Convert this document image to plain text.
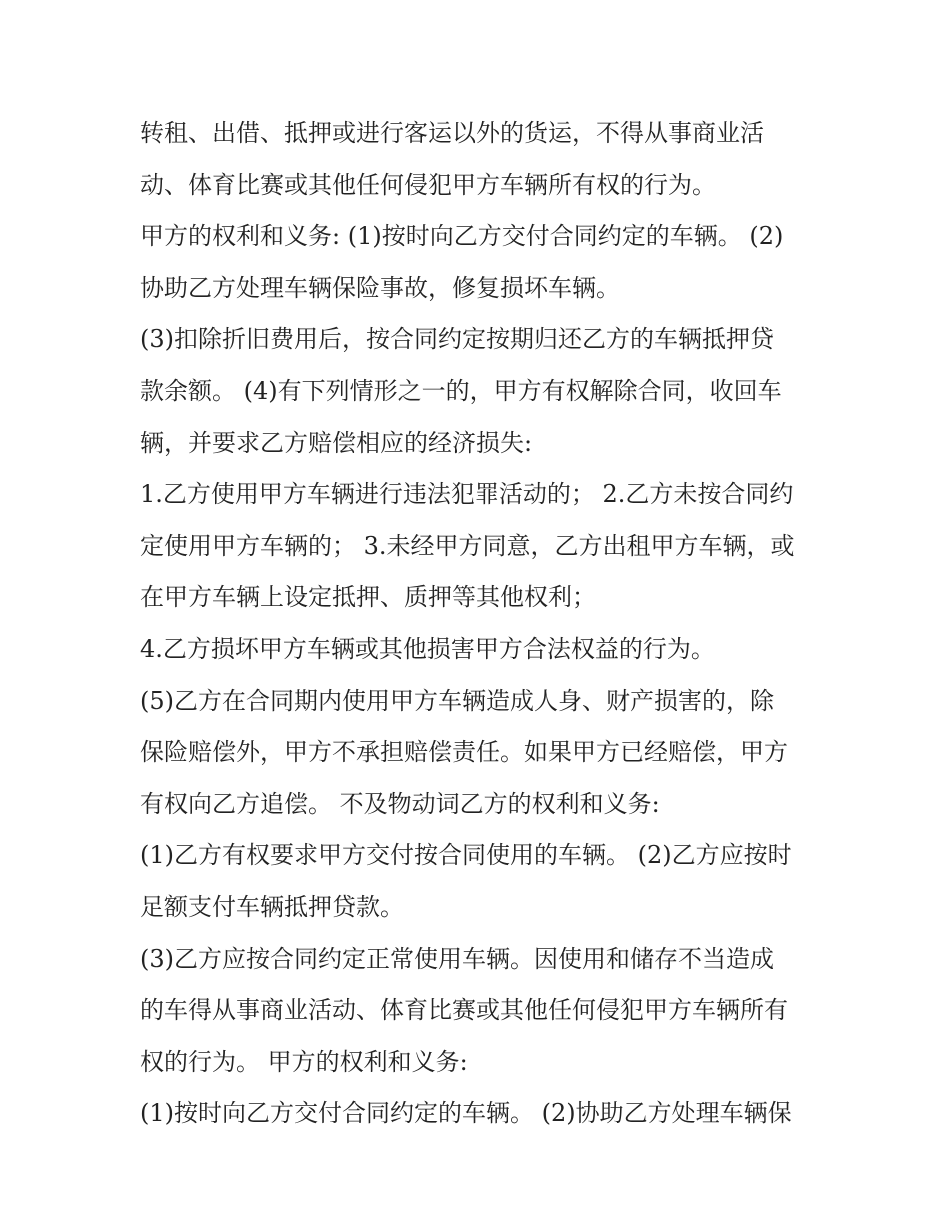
转租、出借、抵押或进行客运以外的货运，不得从事商业活
动、体育比赛或其他任何侵犯甲方车辆所有权的行为。
甲方的权利和义务: (1)按时向乙方交付合同约定的车辆。 (2)
协助乙方处理车辆保险事故，修复损坏车辆。
(3)扣除折旧费用后，按合同约定按期归还乙方的车辆抵押贷
款余额。 (4)有下列情形之一的，甲方有权解除合同，收回车
辆，并要求乙方赔偿相应的经济损失:
1.乙方使用甲方车辆进行违法犯罪活动的； 2.乙方未按合同约
定使用甲方车辆的； 3.未经甲方同意，乙方出租甲方车辆，或
在甲方车辆上设定抵押、质押等其他权利；
4.乙方损坏甲方车辆或其他损害甲方合法权益的行为。
(5)乙方在合同期内使用甲方车辆造成人身、财产损害的，除
保险赔偿外，甲方不承担赔偿责任。如果甲方已经赔偿，甲方
有权向乙方追偿。 不及物动词乙方的权利和义务:
(1)乙方有权要求甲方交付按合同使用的车辆。 (2)乙方应按时
足额支付车辆抵押贷款。
(3)乙方应按合同约定正常使用车辆。因使用和储存不当造成
的车得从事商业活动、体育比赛或其他任何侵犯甲方车辆所有
权的行为。 甲方的权利和义务:
(1)按时向乙方交付合同约定的车辆。 (2)协助乙方处理车辆保
